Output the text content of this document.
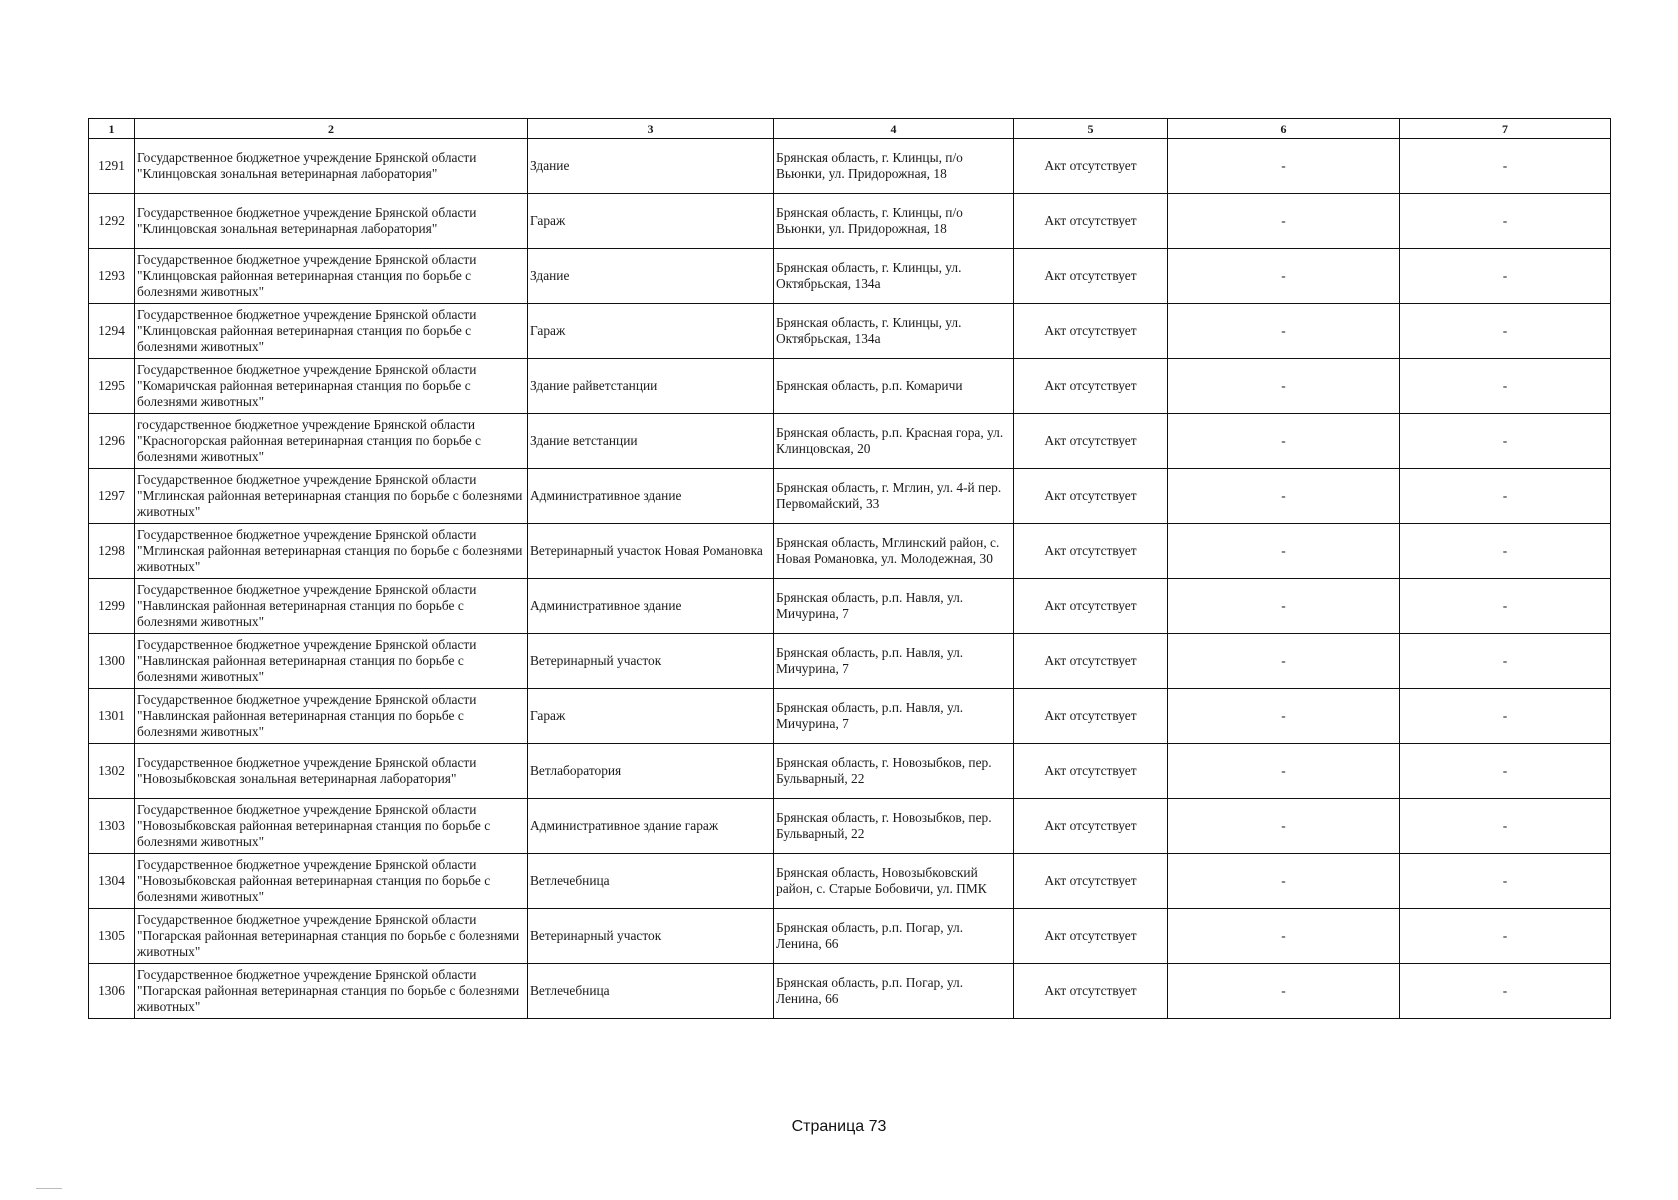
1	2	3	4	5	6	7
1291	Государственное бюджетное учреждение Брянской области "Клинцовская зональная ветеринарная лаборатория"	Здание	Брянская область, г. Клинцы, п/о Вьюнки, ул. Придорожная, 18	Акт отсутствует	-	-
1292	Государственное бюджетное учреждение Брянской области "Клинцовская зональная ветеринарная лаборатория"	Гараж	Брянская область, г. Клинцы, п/о Вьюнки, ул. Придорожная, 18	Акт отсутствует	-	-
1293	Государственное бюджетное учреждение Брянской области "Клинцовская районная ветеринарная станция по борьбе с болезнями животных"	Здание	Брянская область, г. Клинцы, ул. Октябрьская, 134а	Акт отсутствует	-	-
1294	Государственное бюджетное учреждение Брянской области "Клинцовская районная ветеринарная станция по борьбе с болезнями животных"	Гараж	Брянская область, г. Клинцы, ул. Октябрьская, 134а	Акт отсутствует	-	-
1295	Государственное бюджетное учреждение Брянской области "Комаричская районная ветеринарная станция по борьбе с болезнями животных"	Здание райветстанции	Брянская область, р.п. Комаричи	Акт отсутствует	-	-
1296	государственное бюджетное учреждение Брянской области "Красногорская районная ветеринарная станция по борьбе с болезнями животных"	Здание ветстанции	Брянская область, р.п. Красная гора, ул. Клинцовская, 20	Акт отсутствует	-	-
1297	Государственное бюджетное учреждение Брянской области "Мглинская районная ветеринарная станция по борьбе с болезнями животных"	Административное здание	Брянская область, г. Мглин, ул. 4-й пер. Первомайский, 33	Акт отсутствует	-	-
1298	Государственное бюджетное учреждение Брянской области "Мглинская районная ветеринарная станция по борьбе с болезнями животных"	Ветеринарный участок Новая Романовка	Брянская область, Мглинский район, с. Новая Романовка, ул. Молодежная, 30	Акт отсутствует	-	-
1299	Государственное бюджетное учреждение Брянской области "Навлинская районная ветеринарная станция по борьбе с болезнями животных"	Административное здание	Брянская область, р.п. Навля, ул. Мичурина, 7	Акт отсутствует	-	-
1300	Государственное бюджетное учреждение Брянской области "Навлинская районная ветеринарная станция по борьбе с болезнями животных"	Ветеринарный участок	Брянская область, р.п. Навля, ул. Мичурина, 7	Акт отсутствует	-	-
1301	Государственное бюджетное учреждение Брянской области "Навлинская районная ветеринарная станция по борьбе с болезнями животных"	Гараж	Брянская область, р.п. Навля, ул. Мичурина, 7	Акт отсутствует	-	-
1302	Государственное бюджетное учреждение Брянской области "Новозыбковская зональная ветеринарная лаборатория"	Ветлаборатория	Брянская область, г. Новозыбков, пер. Бульварный, 22	Акт отсутствует	-	-
1303	Государственное бюджетное учреждение Брянской области "Новозыбковская районная ветеринарная станция по борьбе с болезнями животных"	Административное здание гараж	Брянская область, г. Новозыбков, пер. Бульварный, 22	Акт отсутствует	-	-
1304	Государственное бюджетное учреждение Брянской области "Новозыбковская районная ветеринарная станция по борьбе с болезнями животных"	Ветлечебница	Брянская область, Новозыбковский район, с. Старые Бобовичи, ул. ПМК	Акт отсутствует	-	-
1305	Государственное бюджетное учреждение Брянской области "Погарская районная ветеринарная станция по борьбе с болезнями животных"	Ветеринарный участок	Брянская область, р.п. Погар, ул. Ленина, 66	Акт отсутствует	-	-
1306	Государственное бюджетное учреждение Брянской области "Погарская районная ветеринарная станция по борьбе с болезнями животных"	Ветлечебница	Брянская область, р.п. Погар, ул. Ленина, 66	Акт отсутствует	-	-
Страница 73
